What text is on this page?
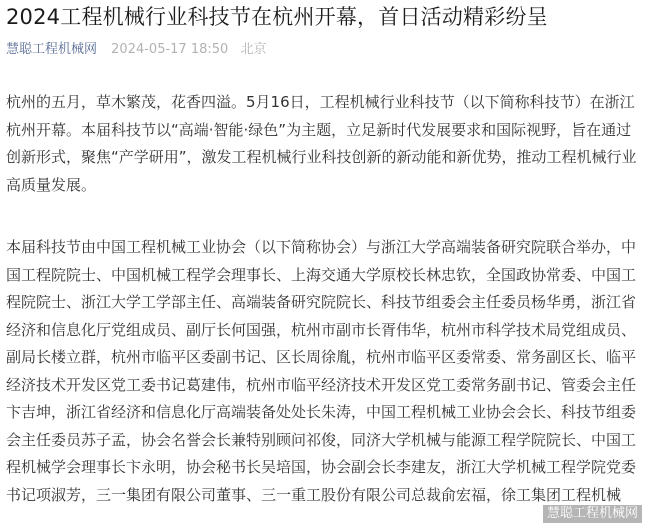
2024工程机械行业科技节在杭州开幕，首日活动精彩纷呈
慧聪工程机械网 2024-05-17 18:50 北京
杭州的五月，草木繁茂，花香四溢。5月16日，工程机械行业科技节（以下简称科技节）在浙江
杭州开幕。本届科技节以“高端·智能·绿色”为主题，立足新时代发展要求和国际视野，旨在通过
创新形式，聚焦“产学研用”，激发工程机械行业科技创新的新动能和新优势，推动工程机械行业
高质量发展。
本届科技节由中国工程机械工业协会（以下简称协会）与浙江大学高端装备研究院联合举办，中
国工程院院士、中国机械工程学会理事长、上海交通大学原校长林忠钦，全国政协常委、中国工
程院院士、浙江大学工学部主任、高端装备研究院院长、科技节组委会主任委员杨华勇，浙江省
经济和信息化厅党组成员、副厅长何国强，杭州市副市长胥伟华，杭州市科学技术局党组成员、
副局长楼立群，杭州市临平区委副书记、区长周徐胤，杭州市临平区委常委、常务副区长、临平
经济技术开发区党工委书记葛建伟，杭州市临平经济技术开发区党工委常务副书记、管委会主任
卞吉坤，浙江省经济和信息化厅高端装备处处长朱涛，中国工程机械工业协会会长、科技节组委
会主任委员苏子孟，协会名誉会长兼特别顾问祁俊，同济大学机械与能源工程学院院长、中国工
程机械学会理事长卞永明，协会秘书长吴培国，协会副会长李建友，浙江大学机械工程学院党委
书记项淑芳，三一集团有限公司董事、三一重工股份有限公司总裁俞宏福，徐工集团工程机械
慧聪工程机械网
